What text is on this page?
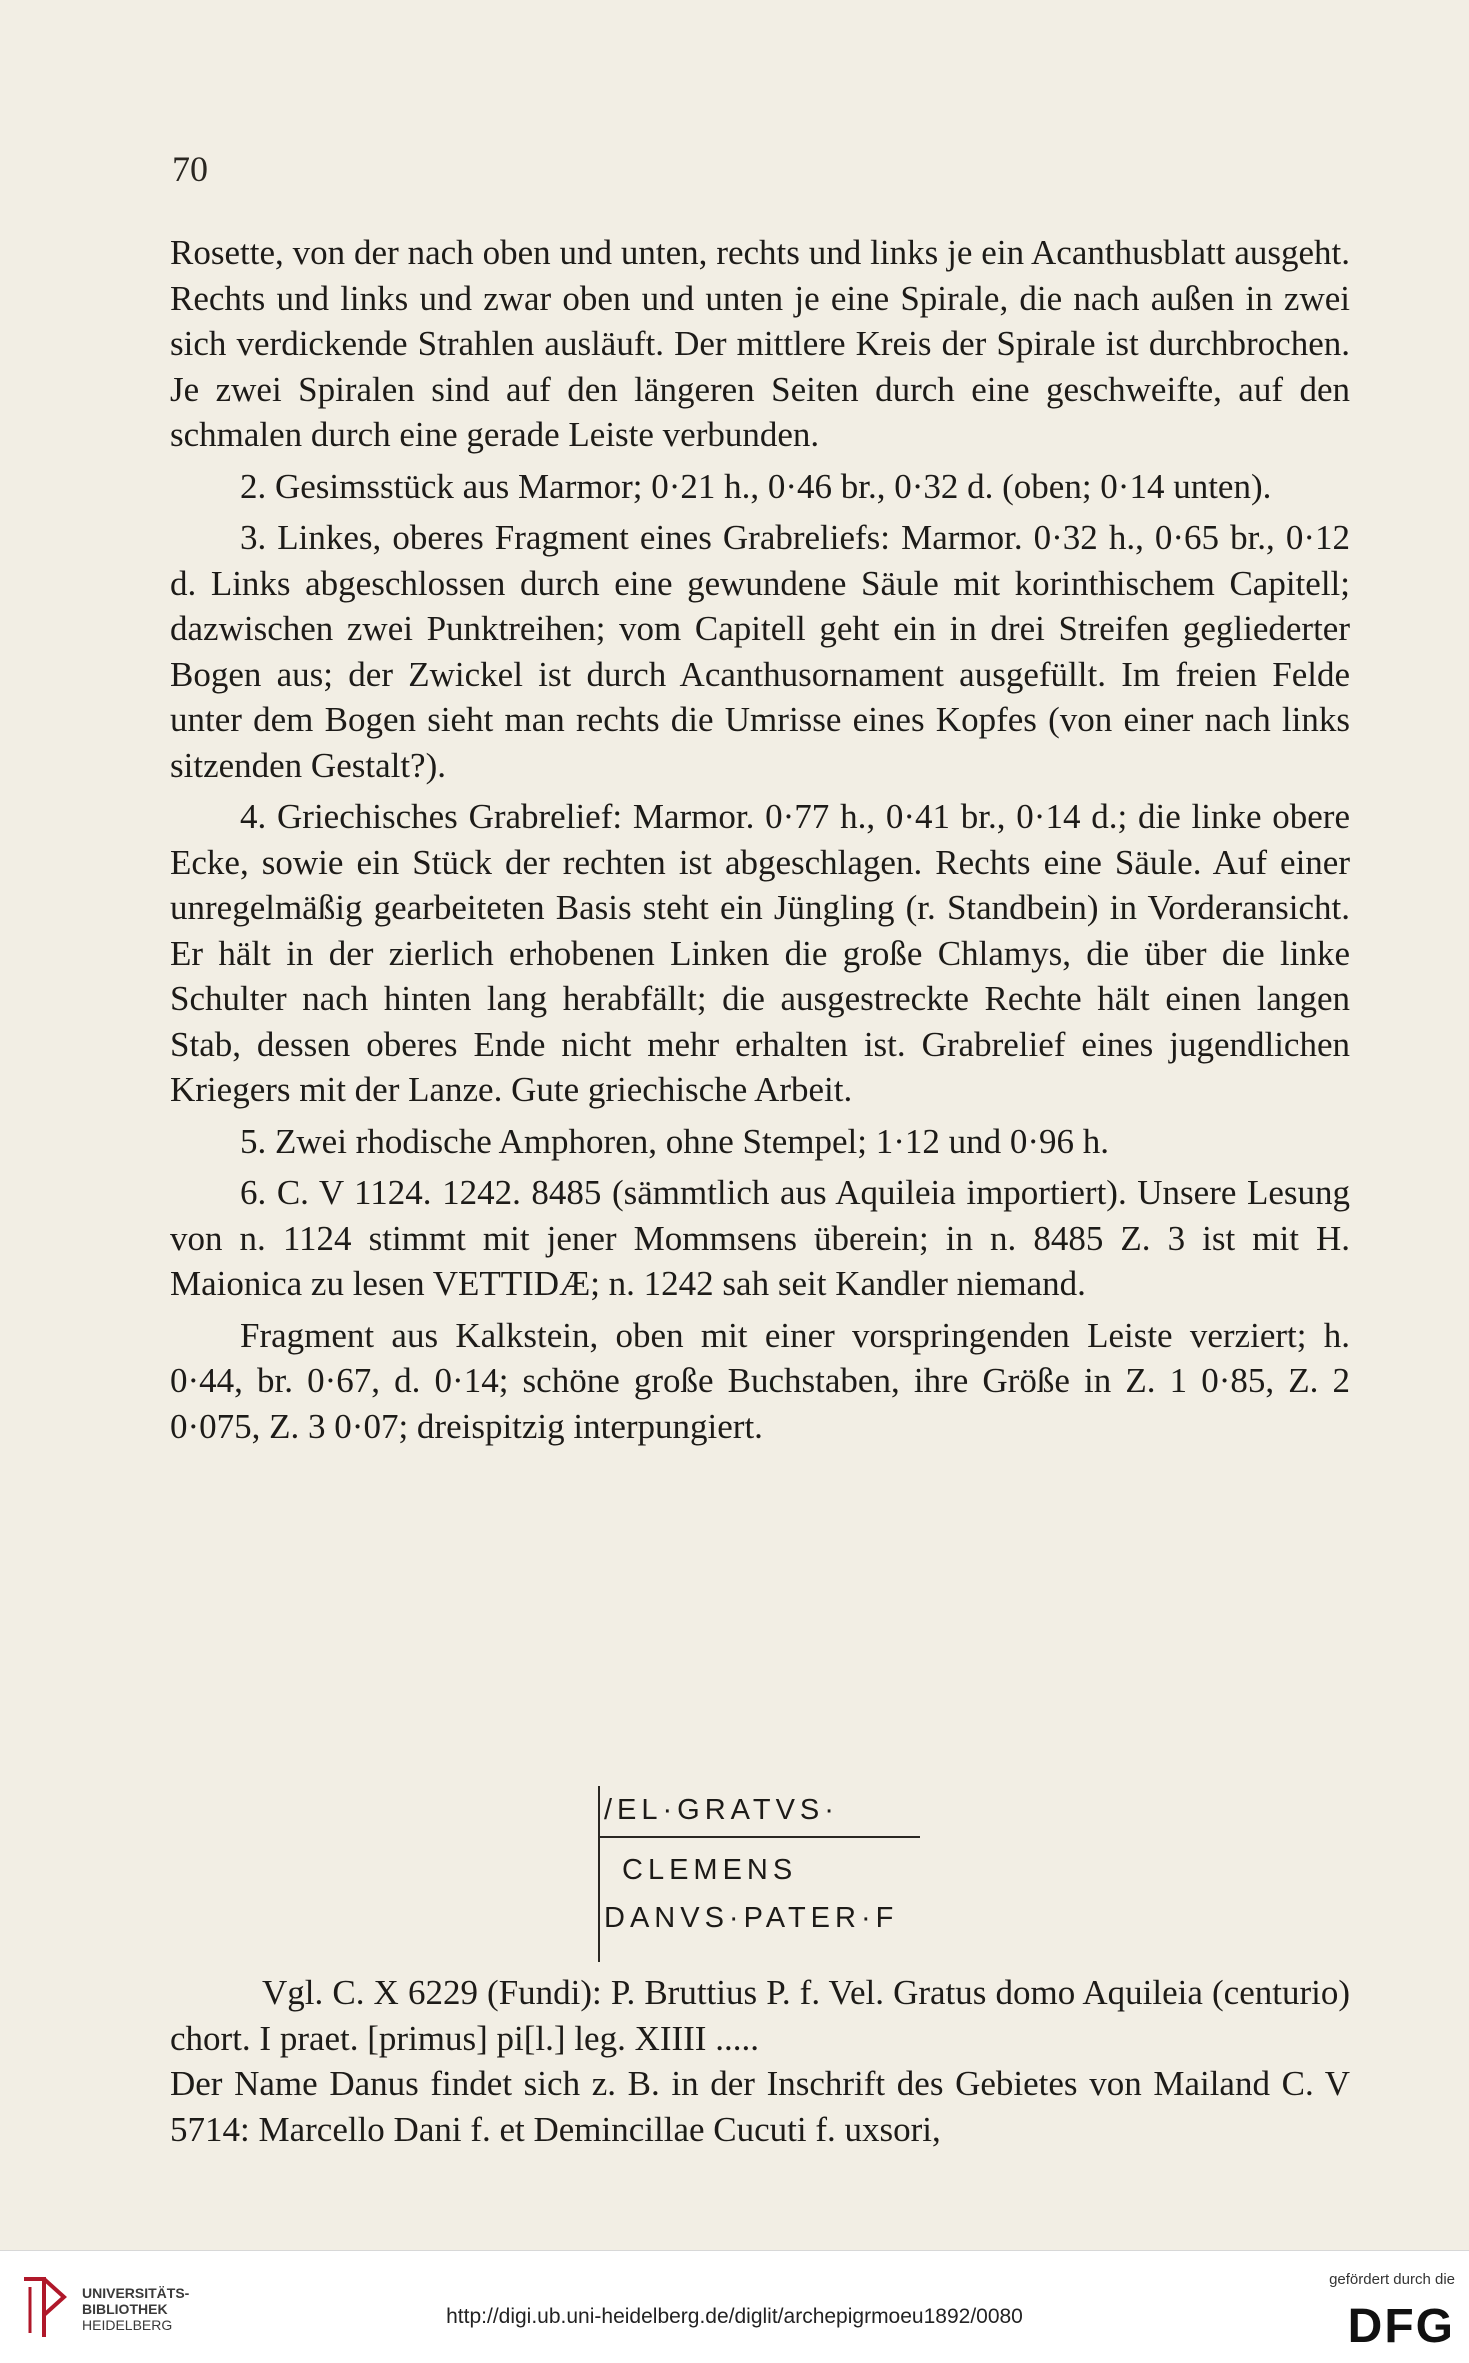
70

Rosette, von der nach oben und unten, rechts und links je ein Acanthusblatt ausgeht. Rechts und links und zwar oben und unten je eine Spirale, die nach außen in zwei sich verdickende Strahlen ausläuft. Der mittlere Kreis der Spirale ist durchbrochen. Je zwei Spiralen sind auf den längeren Seiten durch eine geschweifte, auf den schmalen durch eine gerade Leiste verbunden.

2. Gesimsstück aus Marmor; 0·21 h., 0·46 br., 0·32 d. (oben; 0·14 unten).

3. Linkes, oberes Fragment eines Grabreliefs: Marmor. 0·32 h., 0·65 br., 0·12 d. Links abgeschlossen durch eine gewundene Säule mit korinthischem Capitell; dazwischen zwei Punktreihen; vom Capitell geht ein in drei Streifen gegliederter Bogen aus; der Zwickel ist durch Acanthusornament ausgefüllt. Im freien Felde unter dem Bogen sieht man rechts die Umrisse eines Kopfes (von einer nach links sitzenden Gestalt?).

4. Griechisches Grabrelief: Marmor. 0·77 h., 0·41 br., 0·14 d.; die linke obere Ecke, sowie ein Stück der rechten ist abgeschlagen. Rechts eine Säule. Auf einer unregelmäßig gearbeiteten Basis steht ein Jüngling (r. Standbein) in Vorderansicht. Er hält in der zierlich erhobenen Linken die große Chlamys, die über die linke Schulter nach hinten lang herabfällt; die ausgestreckte Rechte hält einen langen Stab, dessen oberes Ende nicht mehr erhalten ist. Grabrelief eines jugendlichen Kriegers mit der Lanze. Gute griechische Arbeit.

5. Zwei rhodische Amphoren, ohne Stempel; 1·12 und 0·96 h.

6. C. V 1124. 1242. 8485 (sämmtlich aus Aquileia importiert). Unsere Lesung von n. 1124 stimmt mit jener Mommsens überein; in n. 8485 Z. 3 ist mit H. Maionica zu lesen VETTIDÆ; n. 1242 sah seit Kandler niemand.

Fragment aus Kalkstein, oben mit einer vorspringenden Leiste verziert; h. 0·44, br. 0·67, d. 0·14; schöne große Buchstaben, ihre Größe in Z. 1 0·85, Z. 2 0·075, Z. 3 0·07; dreispitzig interpungiert.

/EL·GRATVS·
CLEMENS
DANVS·PATER·F

Vgl. C. X 6229 (Fundi): P. Bruttius P. f. Vel. Gratus domo Aquileia (centurio) chort. I praet. [primus] pi[l.] leg. XIIII .....

Der Name Danus findet sich z. B. in der Inschrift des Gebietes von Mailand C. V 5714: Marcello Dani f. et Demincillae Cucuti f. uxsori,

UNIVERSITÄTS-
BIBLIOTHEK
HEIDELBERG	http://digi.ub.uni-heidelberg.de/diglit/archepigrmoeu1892/0080
gefördert durch die
DFG
